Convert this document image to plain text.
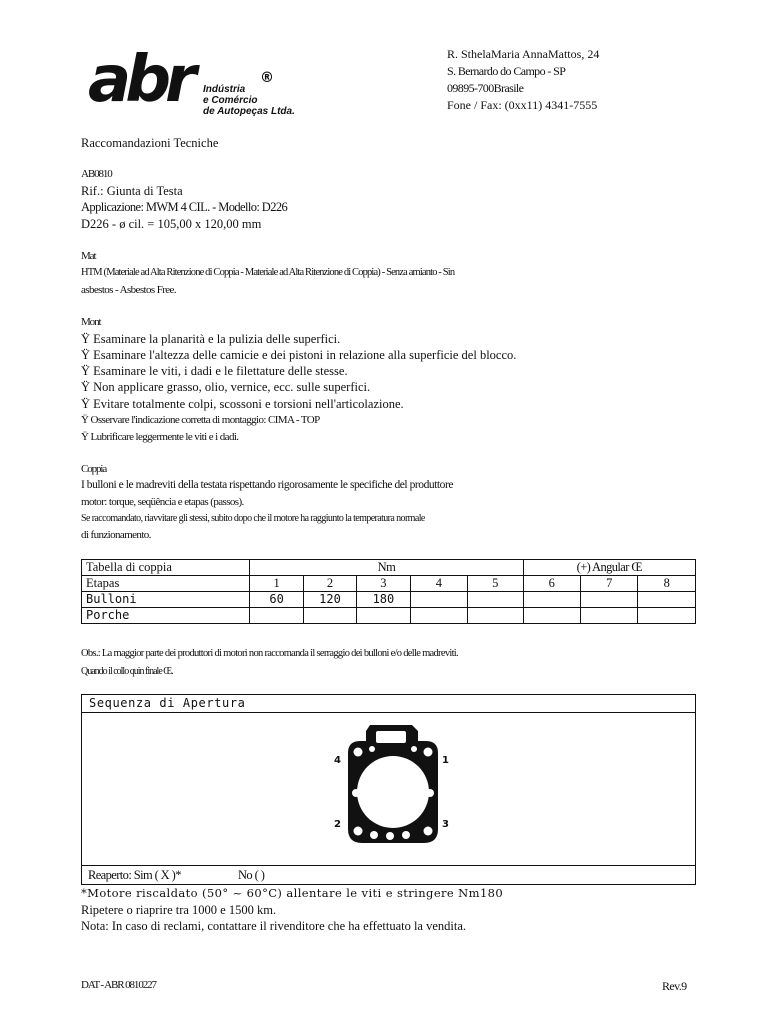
abr	®
Indústria
e Comércio
de Autopeças Ltda.
R. SthelaMaria AnnaMattos, 24
S. Bernardo do Campo - SP
09895-700Brasile
Fone / Fax: (0xx11) 4341-7555
Raccomandazioni Tecniche
AB0810
Rif.: Giunta di Testa
Applicazione: MWM 4 CIL. - Modello: D226
D226 - ø cil. = 105,00 x 120,00 mm
Mat
HTM (Materiale ad Alta Ritenzione di Coppia - Materiale ad Alta Ritenzione di Coppia) - Senza amianto - Sin
asbestos - Asbestos Free.
Mont
Ÿ Esaminare la planarità e la pulizia delle superfici.
Ÿ Esaminare l'altezza delle camicie e dei pistoni in relazione alla superficie del blocco.
Ÿ Esaminare le viti, i dadi e le filettature delle stesse.
Ÿ Non applicare grasso, olio, vernice, ecc. sulle superfici.
Ÿ Evitare totalmente colpi, scossoni e torsioni nell'articolazione.
Ÿ Osservare l'indicazione corretta di montaggio: CIMA - TOP
Ÿ Lubrificare leggermente le viti e i dadi.
Coppia
I bulloni e le madreviti della testata rispettando rigorosamente le specifiche del produttore
motor: torque, seqüência e etapas (passos).
Se raccomandato, riavvitare gli stessi, subito dopo che il motore ha raggiunto la temperatura normale
di funzionamento.
Tabella di coppia	Nm					(+) Angular Œ		
Etapas	1	2	3	4	5	6	7	8
Bulloni	60	120	180					
Porche								
Obs.: La maggior parte dei produttori di motori non raccomanda il serraggio dei bulloni e/o delle madreviti.
Quando il collo quin finale Œ.
Sequenza di Apertura
4	1
2	3
Reaperto: Sim ( X )*	No ( )
*Motore riscaldato (50° ~ 60°C) allentare le viti e stringere Nm180
Ripetere o riaprire tra 1000 e 1500 km.
Nota: In caso di reclami, contattare il rivenditore che ha effettuato la vendita.
DAT - ABR 0810227	Rev.9
